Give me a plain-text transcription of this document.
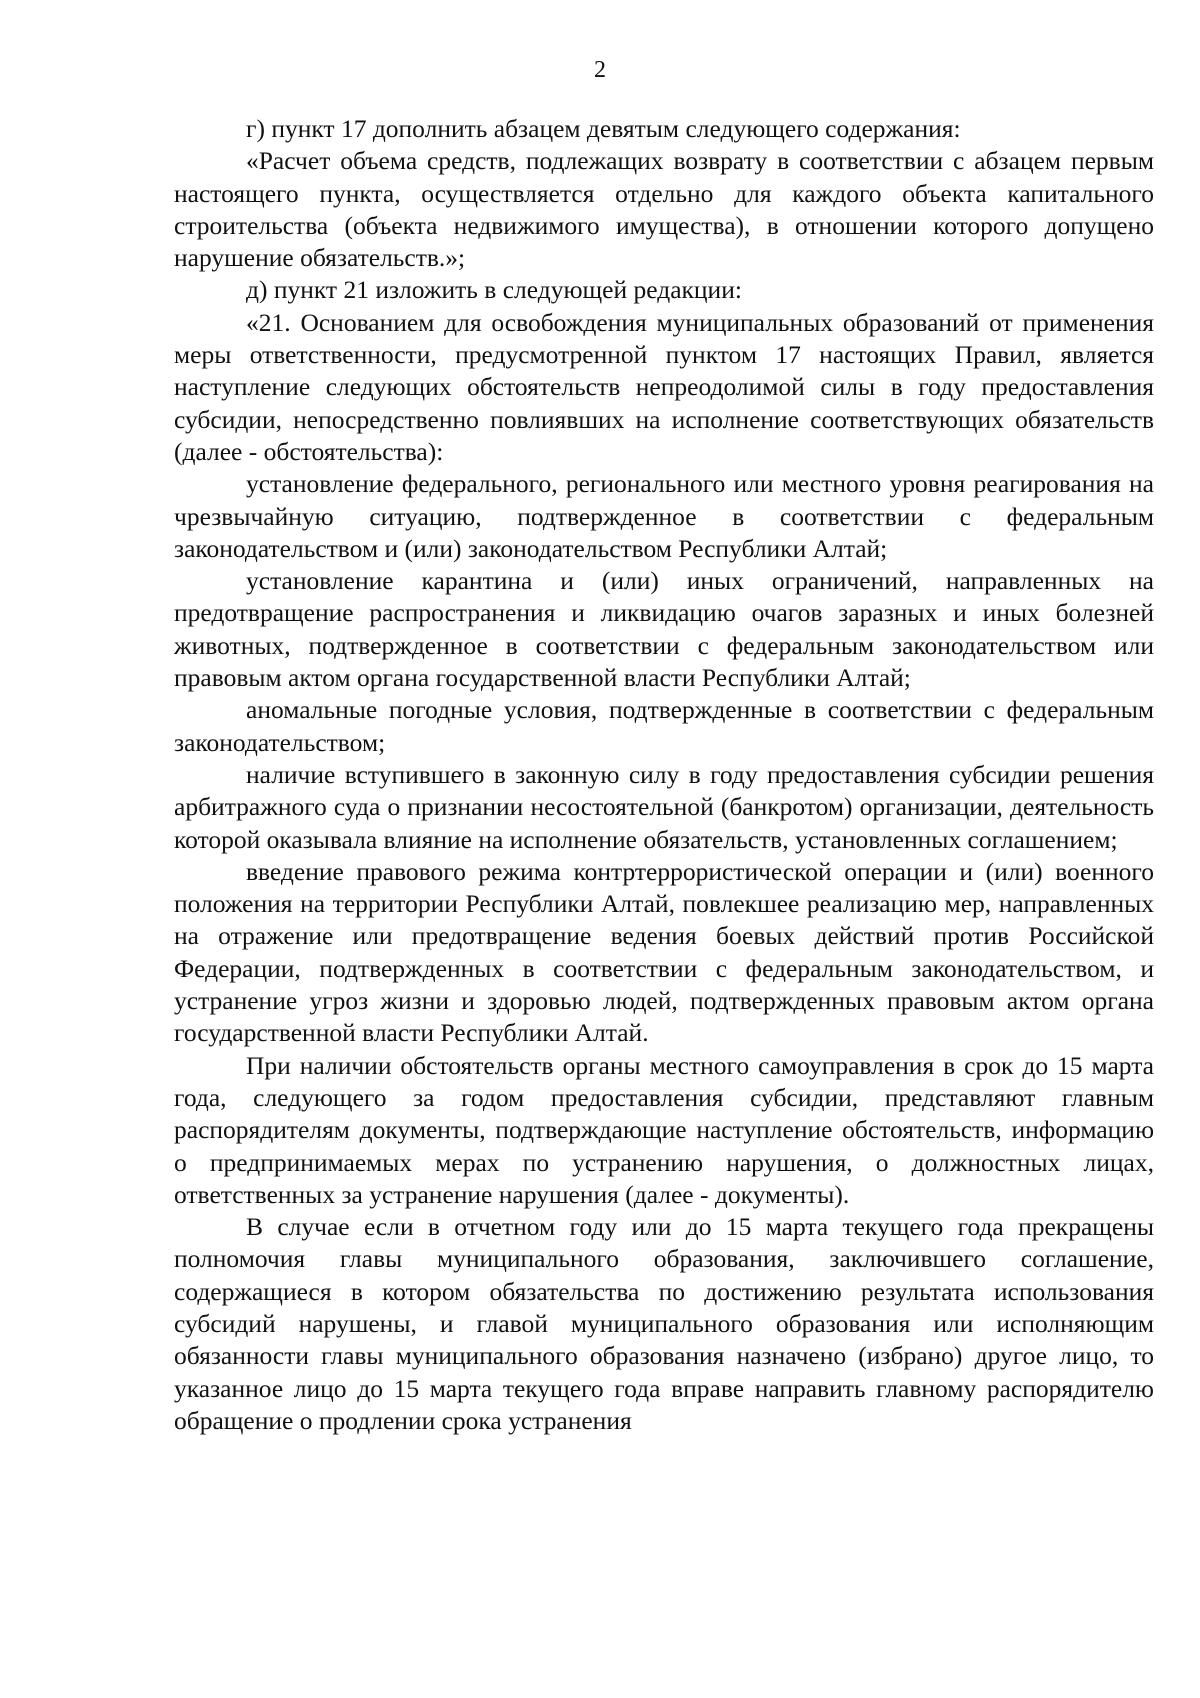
2

г) пункт 17 дополнить абзацем девятым следующего содержания:

«Расчет объема средств, подлежащих возврату в соответствии с абзацем первым настоящего пункта, осуществляется отдельно для каждого объекта капитального строительства (объекта недвижимого имущества), в отношении которого допущено нарушение обязательств.»;

д) пункт 21 изложить в следующей редакции:

«21. Основанием для освобождения муниципальных образований от применения меры ответственности, предусмотренной пунктом 17 настоящих Правил, является наступление следующих обстоятельств непреодолимой силы в году предоставления субсидии, непосредственно повлиявших на исполнение соответствующих обязательств (далее - обстоятельства):

установление федерального, регионального или местного уровня реагирования на чрезвычайную ситуацию, подтвержденное в соответствии с федеральным законодательством и (или) законодательством Республики Алтай;

установление карантина и (или) иных ограничений, направленных на предотвращение распространения и ликвидацию очагов заразных и иных болезней животных, подтвержденное в соответствии с федеральным законодательством или правовым актом органа государственной власти Республики Алтай;

аномальные погодные условия, подтвержденные в соответствии с федеральным законодательством;

наличие вступившего в законную силу в году предоставления субсидии решения арбитражного суда о признании несостоятельной (банкротом) организации, деятельность которой оказывала влияние на исполнение обязательств, установленных соглашением;

введение правового режима контртеррористической операции и (или) военного положения на территории Республики Алтай, повлекшее реализацию мер, направленных на отражение или предотвращение ведения боевых действий против Российской Федерации, подтвержденных в соответствии с федеральным законодательством, и устранение угроз жизни и здоровью людей, подтвержденных правовым актом органа государственной власти Республики Алтай.

При наличии обстоятельств органы местного самоуправления в срок до 15 марта года, следующего за годом предоставления субсидии, представляют главным распорядителям документы, подтверждающие наступление обстоятельств, информацию о предпринимаемых мерах по устранению нарушения, о должностных лицах, ответственных за устранение нарушения (далее - документы).

В случае если в отчетном году или до 15 марта текущего года прекращены полномочия главы муниципального образования, заключившего соглашение, содержащиеся в котором обязательства по достижению результата использования субсидий нарушены, и главой муниципального образования или исполняющим обязанности главы муниципального образования назначено (избрано) другое лицо, то указанное лицо до 15 марта текущего года вправе направить главному распорядителю обращение о продлении срока устранения
